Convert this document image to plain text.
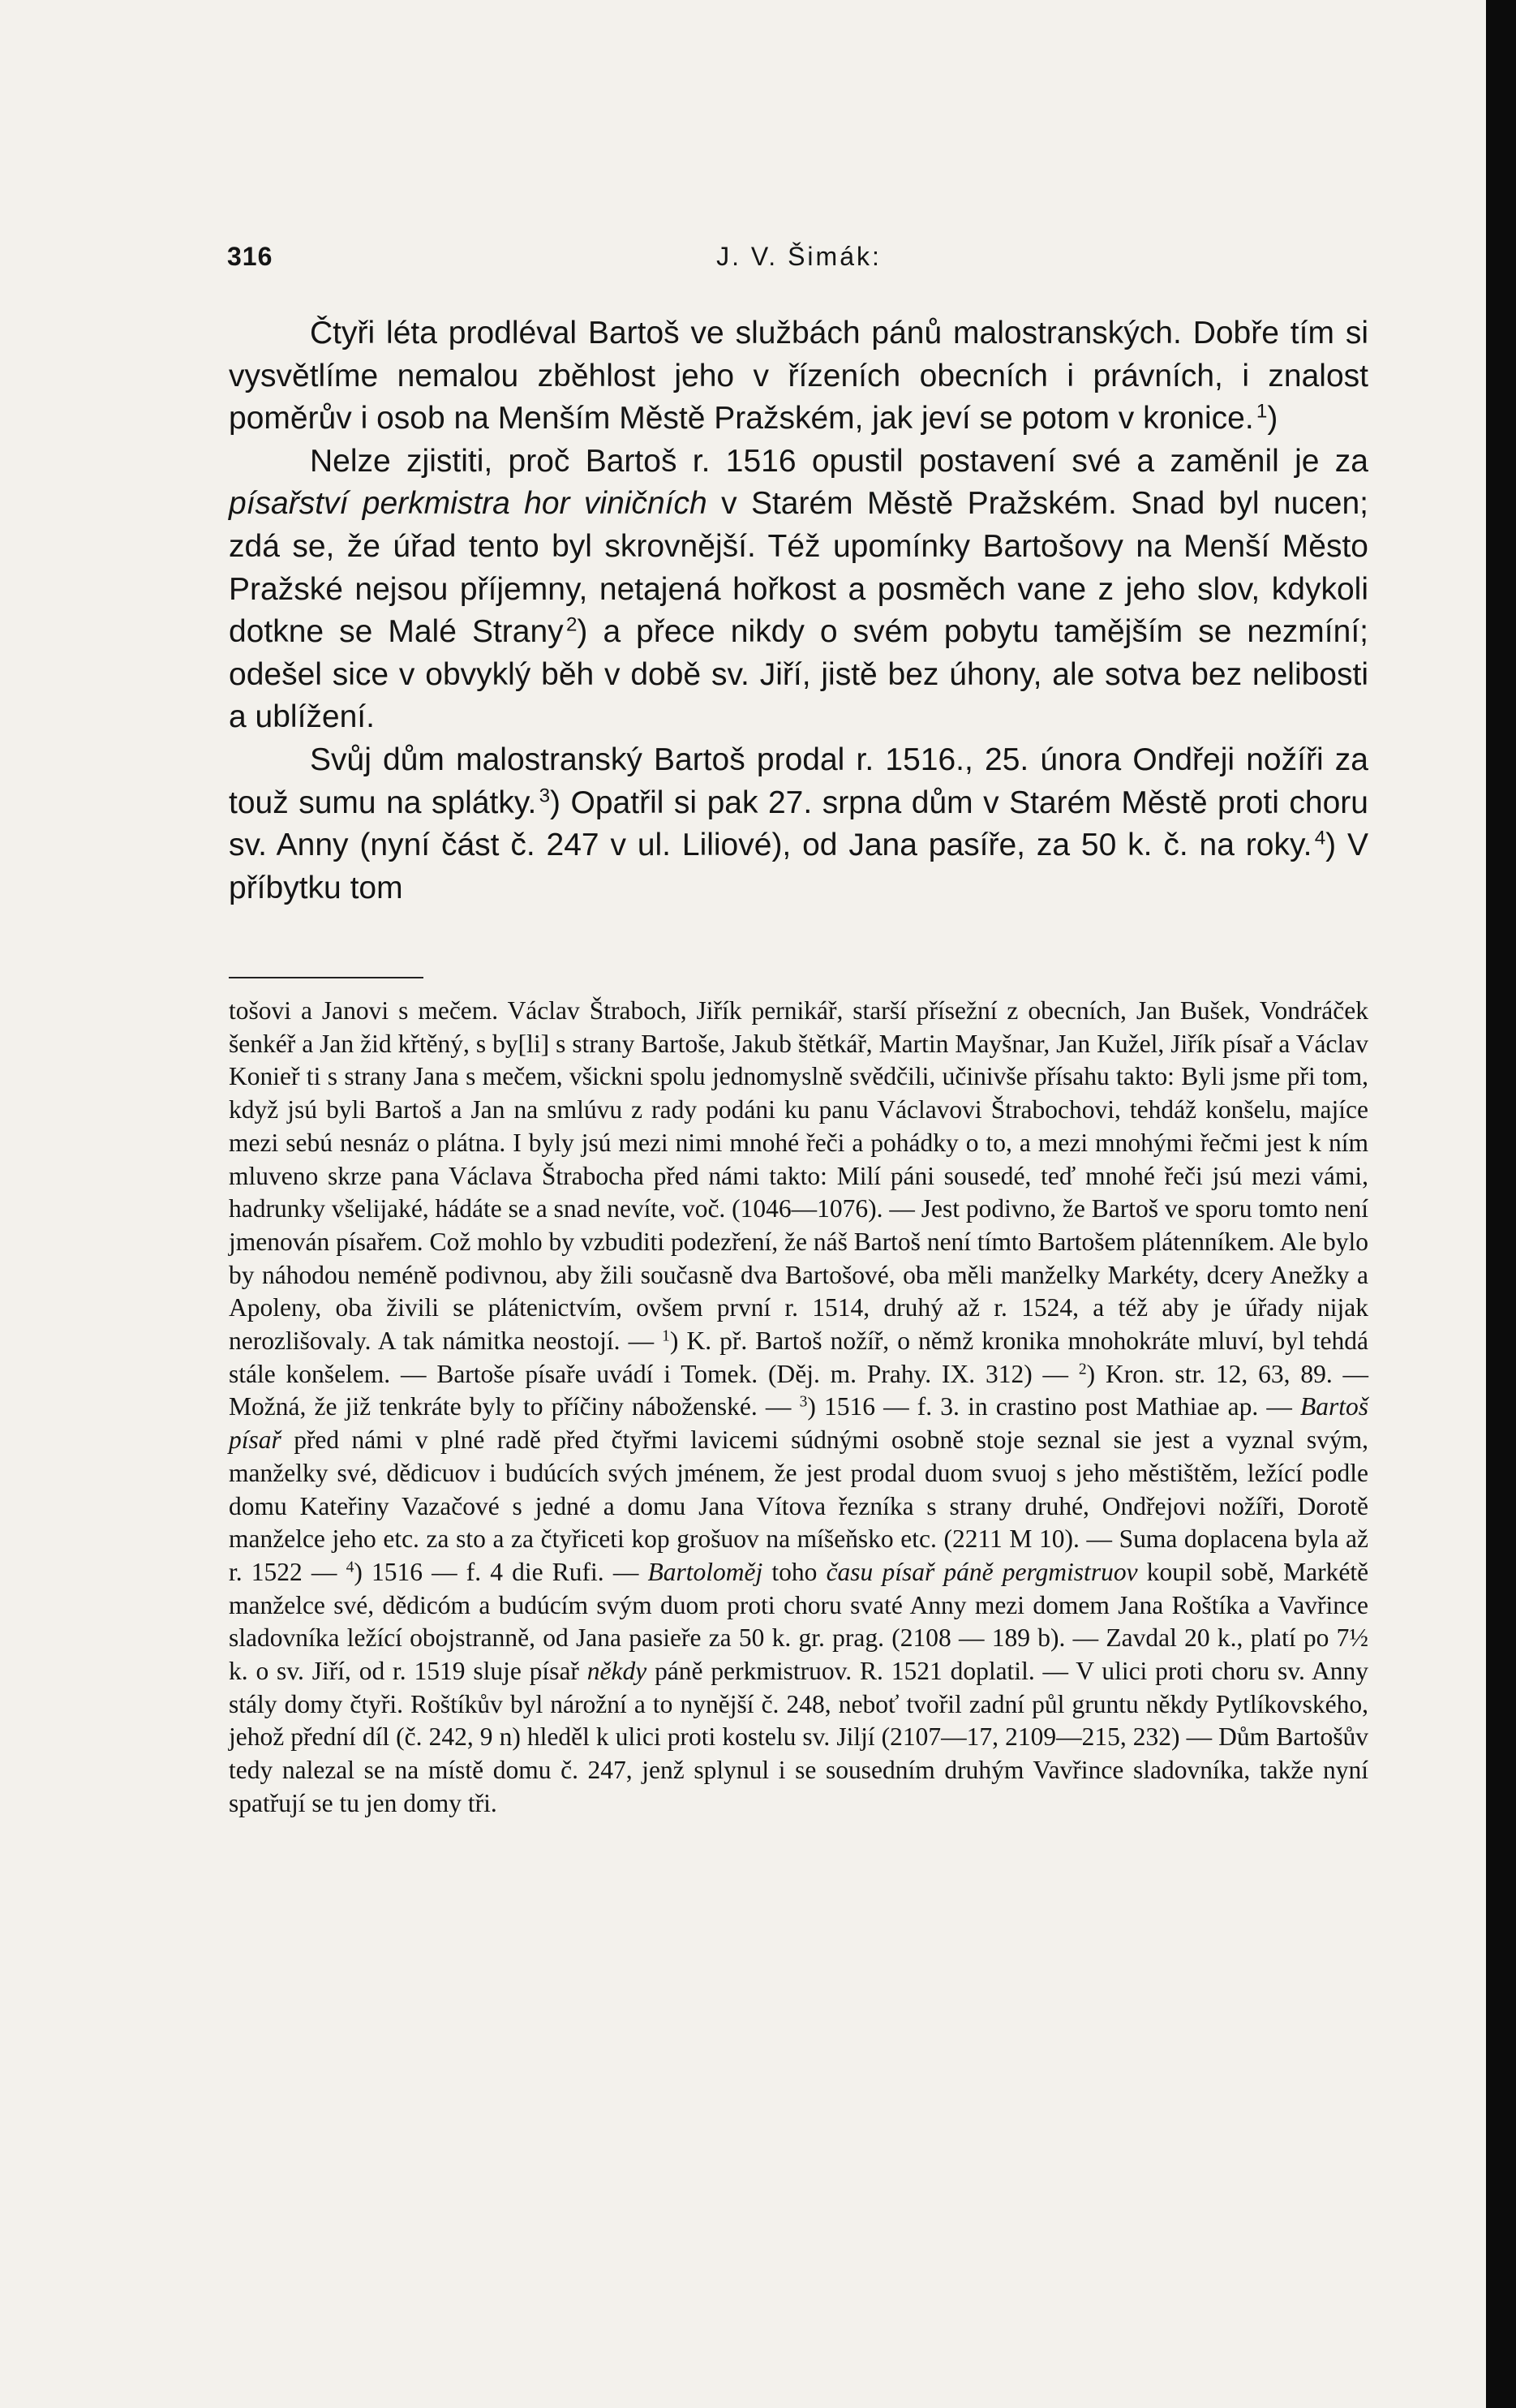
316	J. V. Šimák:

Čtyři léta prodléval Bartoš ve službách pánů malostranských. Dobře tím si vysvětlíme nemalou zběhlost jeho v řízeních obecních i právních, i znalost poměrův i osob na Menším Městě Pražském, jak jeví se potom v kronice.  $^1$)

Nelze zjistiti, proč Bartoš r. 1516 opustil postavení své a zaměnil je za písařství perkmistra hor viničních v Starém Městě Pražském. Snad byl nucen; zdá se, že úřad tento byl skrovnější. Též upomínky Bartošovy na Menší Město Pražské nejsou příjemny, netajená hořkost a posměch vane z jeho slov, kdykoli dotkne se Malé Strany  $^2$) a přece nikdy o svém pobytu tamějším se nezmíní; odešel sice v obvyklý běh v době sv. Jiří, jistě bez úhony, ale sotva bez nelibosti a ublížení.

Svůj dům malostranský Bartoš prodal r. 1516., 25. února Ondřeji nožíři za touž sumu na splátky.  $^3$) Opatřil si pak 27. srpna dům v Starém Městě proti choru sv. Anny (nyní část č. 247 v ul. Liliové), od Jana pasíře, za 50 k. č. na roky.  $^4$) V příbytku tom

tošovi a Janovi s mečem. Václav Štraboch, Jiřík pernikář, starší přísežní z obecních, Jan Bušek, Vondráček šenkéř a Jan žid křtěný, s by[li] s strany Bartoše, Jakub štětkář, Martin Mayšnar, Jan Kužel, Jiřík písař a Václav Konieř ti s strany Jana s mečem, všickni spolu jednomyslně svědčili, učinivše přísahu takto: Byli jsme při tom, když jsú byli Bartoš a Jan na smlúvu z rady podáni ku panu Václavovi Štrabochovi, tehdáž konšelu, majíce mezi sebú nesnáz o plátna. I byly jsú mezi nimi mnohé řeči a pohádky o to, a mezi mnohými řečmi jest k ním mluveno skrze pana Václava Štrabocha před námi takto: Milí páni sousedé, teď mnohé řeči jsú mezi vámi, hadrunky všelijaké, hádáte se a snad nevíte, voč. (1046—1076). — Jest podivno, že Bartoš ve sporu tomto není jmenován písařem. Což mohlo by vzbuditi podezření, že náš Bartoš není tímto Bartošem plátenníkem. Ale bylo by náhodou neméně podivnou, aby žili současně dva Bartošové, oba měli manželky Markéty, dcery Anežky a Apoleny, oba živili se plátenictvím, ovšem první r. 1514, druhý až r. 1524, a též aby je úřady nijak nerozlišovaly. A tak námitka neostojí. — $^1$) K. př. Bartoš nožíř, o němž kronika mnohokráte mluví, byl tehdá stále konšelem. — Bartoše písaře uvádí i Tomek. (Děj. m. Prahy. IX. 312) — $^2$) Kron. str. 12, 63, 89. — Možná, že již tenkráte byly to příčiny náboženské. — $^3$) 1516 — f. 3. in crastino post Mathiae ap. — Bartoš písař před námi v plné radě před čtyřmi lavicemi súdnými osobně stoje seznal sie jest a vyznal svým, manželky své, dědicuov i budúcích svých jménem, že jest prodal duom svuoj s jeho městištěm, ležící podle domu Kateřiny Vazačové s jedné a domu Jana Vítova řezníka s strany druhé, Ondřejovi nožíři, Dorotě manželce jeho etc. za sto a za čtyřiceti kop grošuov na míšeňsko etc. (2211 M 10). — Suma doplacena byla až r. 1522 — $^4$) 1516 — f. 4 die Rufi. — Bartoloměj toho času písař páně pergmistruov koupil sobě, Markétě manželce své, dědicóm a budúcím svým duom proti choru svaté Anny mezi domem Jana Roštíka a Vavřince sladovníka ležící obojstranně, od Jana pasieře za 50 k. gr. prag. (2108 — 189 b). — Zavdal 20 k., platí po 7½ k. o sv. Jiří, od r. 1519 sluje písař někdy páně perkmistruov. R. 1521 doplatil. — V ulici proti choru sv. Anny stály domy čtyři. Roštíkův byl nárožní a to nynější č. 248, neboť tvořil zadní půl gruntu někdy Pytlíkovského, jehož přední díl (č. 242, 9 n) hleděl k ulici proti kostelu sv. Jiljí (2107—17, 2109—215, 232) — Dům Bartošův tedy nalezal se na místě domu č. 247, jenž splynul i se sousedním druhým Vavřince sladovníka, takže nyní spatřují se tu jen domy tři.
